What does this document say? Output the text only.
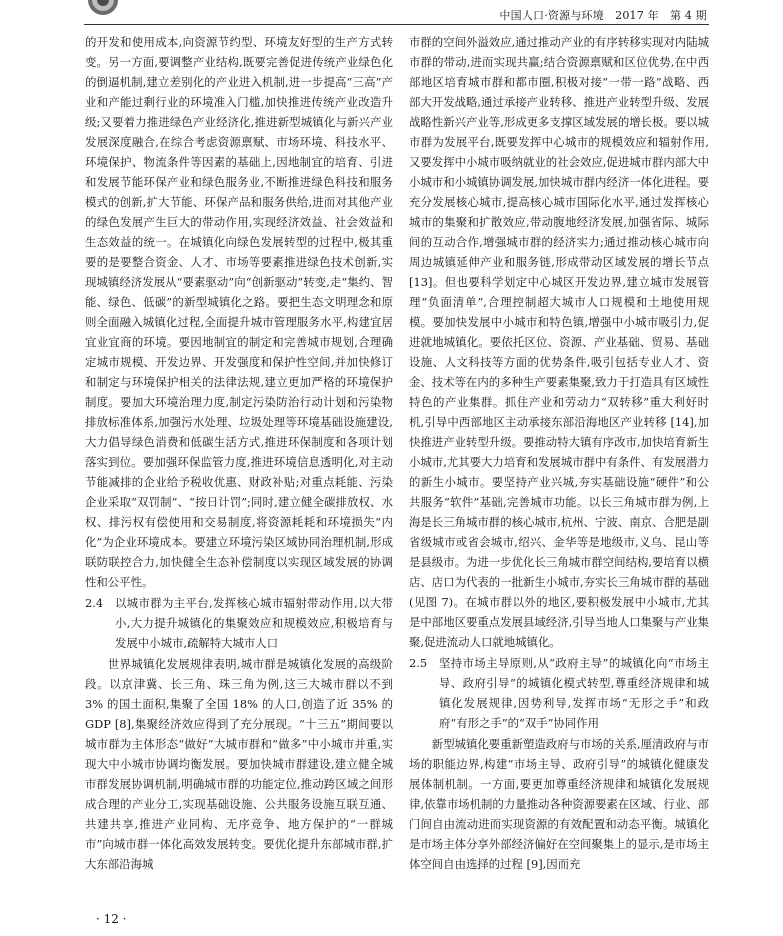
中国人口·资源与环境　2017 年　第 4 期

的开发和使用成本,向资源节约型、环境友好型的生产方式转变。另一方面,要调整产业结构,既要完善促进传统产业绿色化的倒逼机制,建立差别化的产业进入机制,进一步提高“三高”产业和产能过剩行业的环境准入门槛,加快推进传统产业改造升级;又要着力推进绿色产业经济化,推进新型城镇化与新兴产业发展深度融合,在综合考虑资源禀赋、市场环境、科技水平、环境保护、物流条件等因素的基础上,因地制宜的培育、引进和发展节能环保产业和绿色服务业,不断推进绿色科技和服务模式的创新,扩大节能、环保产品和服务供给,进而对其他产业的绿色发展产生巨大的带动作用,实现经济效益、社会效益和生态效益的统一。在城镇化向绿色发展转型的过程中,极其重要的是要整合资金、人才、市场等要素推进绿色技术创新,实现城镇经济发展从“要素驱动”向“创新驱动”转变,走“集约、智能、绿色、低碳”的新型城镇化之路。要把生态文明理念和原则全面融入城镇化过程,全面提升城市管理服务水平,构建宜居宜业宜商的环境。要因地制宜的制定和完善城市规划,合理确定城市规模、开发边界、开发强度和保护性空间,并加快修订和制定与环境保护相关的法律法规,建立更加严格的环境保护制度。要加大环境治理力度,制定污染防治行动计划和污染物排放标准体系,加强污水处理、垃圾处理等环境基础设施建设,大力倡导绿色消费和低碳生活方式,推进环保制度和各项计划落实到位。要加强环保监管力度,推进环境信息透明化,对主动节能减排的企业给予税收优惠、财政补贴;对重点耗能、污染企业采取“双罚制”、“按日计罚”;同时,建立健全碳排放权、水权、排污权有偿使用和交易制度,将资源耗耗和环境损失“内化”为企业环境成本。要建立环境污染区域协同治理机制,形成联防联控合力,加快健全生态补偿制度以实现区域发展的协调性和公平性。

2.4	以城市群为主平台,发挥核心城市辐射带动作用,以大带小,大力提升城镇化的集聚效应和规模效应,积极培育与发展中小城市,疏解特大城市人口

世界城镇化发展规律表明,城市群是城镇化发展的高级阶段。以京津冀、长三角、珠三角为例,这三大城市群以不到 3% 的国土面积,集聚了全国 18% 的人口,创造了近 35% 的 GDP [8],集聚经济效应得到了充分展现。“十三五”期间要以城市群为主体形态“做好”大城市群和“做多”中小城市并重,实现大中小城市协调均衡发展。要加快城市群建设,建立健全城市群发展协调机制,明确城市群的功能定位,推动跨区域之间形成合理的产业分工,实现基础设施、公共服务设施互联互通、共建共享,推进产业同构、无序竞争、地方保护的“一群城市”向城市群一体化高效发展转变。要优化提升东部城市群,扩大东部沿海城

市群的空间外溢效应,通过推动产业的有序转移实现对内陆城市群的带动,进而实现共赢;结合资源禀赋和区位优势,在中西部地区培育城市群和都市圈,积极对接“一带一路”战略、西部大开发战略,通过承接产业转移、推进产业转型升级、发展战略性新兴产业等,形成更多支撑区域发展的增长极。要以城市群为发展平台,既要发挥中心城市的规模效应和辐射作用,又要发挥中小城市吸纳就业的社会效应,促进城市群内部大中小城市和小城镇协调发展,加快城市群内经济一体化进程。要充分发展核心城市,提高核心城市国际化水平,通过发挥核心城市的集聚和扩散效应,带动腹地经济发展,加强省际、城际间的互动合作,增强城市群的经济实力;通过推动核心城市向周边城镇延伸产业和服务链,形成带动区域发展的增长节点 [13]。但也要科学划定中心城区开发边界,建立城市发展管理“负面清单”,合理控制超大城市人口规模和土地使用规模。要加快发展中小城市和特色镇,增强中小城市吸引力,促进就地城镇化。要依托区位、资源、产业基础、贸易、基础设施、人文科技等方面的优势条件,吸引包括专业人才、资金、技术等在内的多种生产要素集聚,致力于打造具有区域性特色的产业集群。抓住产业和劳动力“双转移”重大利好时机,引导中西部地区主动承接东部沿海地区产业转移 [14],加快推进产业转型升级。要推动特大镇有序改市,加快培育新生小城市,尤其要大力培育和发展城市群中有条件、有发展潜力的新生小城市。要坚持产业兴城,夯实基础设施“硬件”和公共服务“软件”基础,完善城市功能。以长三角城市群为例,上海是长三角城市群的核心城市,杭州、宁波、南京、合肥是副省级城市或省会城市,绍兴、金华等是地级市,义乌、昆山等是县级市。为进一步优化长三角城市群空间结构,要培育以横店、店口为代表的一批新生小城市,夯实长三角城市群的基础(见图 7)。在城市群以外的地区,要积极发展中小城市,尤其是中部地区要重点发展县域经济,引导当地人口集聚与产业集聚,促进流动人口就地城镇化。

2.5	坚持市场主导原则,从“政府主导”的城镇化向“市场主导、政府引导”的城镇化模式转型,尊重经济规律和城镇化发展规律,因势利导,发挥市场“无形之手”和政府“有形之手”的“双手”协同作用

新型城镇化要重新塑造政府与市场的关系,厘清政府与市场的职能边界,构建“市场主导、政府引导”的城镇化健康发展体制机制。一方面,要更加尊重经济规律和城镇化发展规律,依靠市场机制的力量推动各种资源要素在区域、行业、部门间自由流动进而实现资源的有效配置和动态平衡。城镇化是市场主体分享外部经济偏好在空间聚集上的显示,是市场主体空间自由选择的过程 [9],因而充

· 12 ·
